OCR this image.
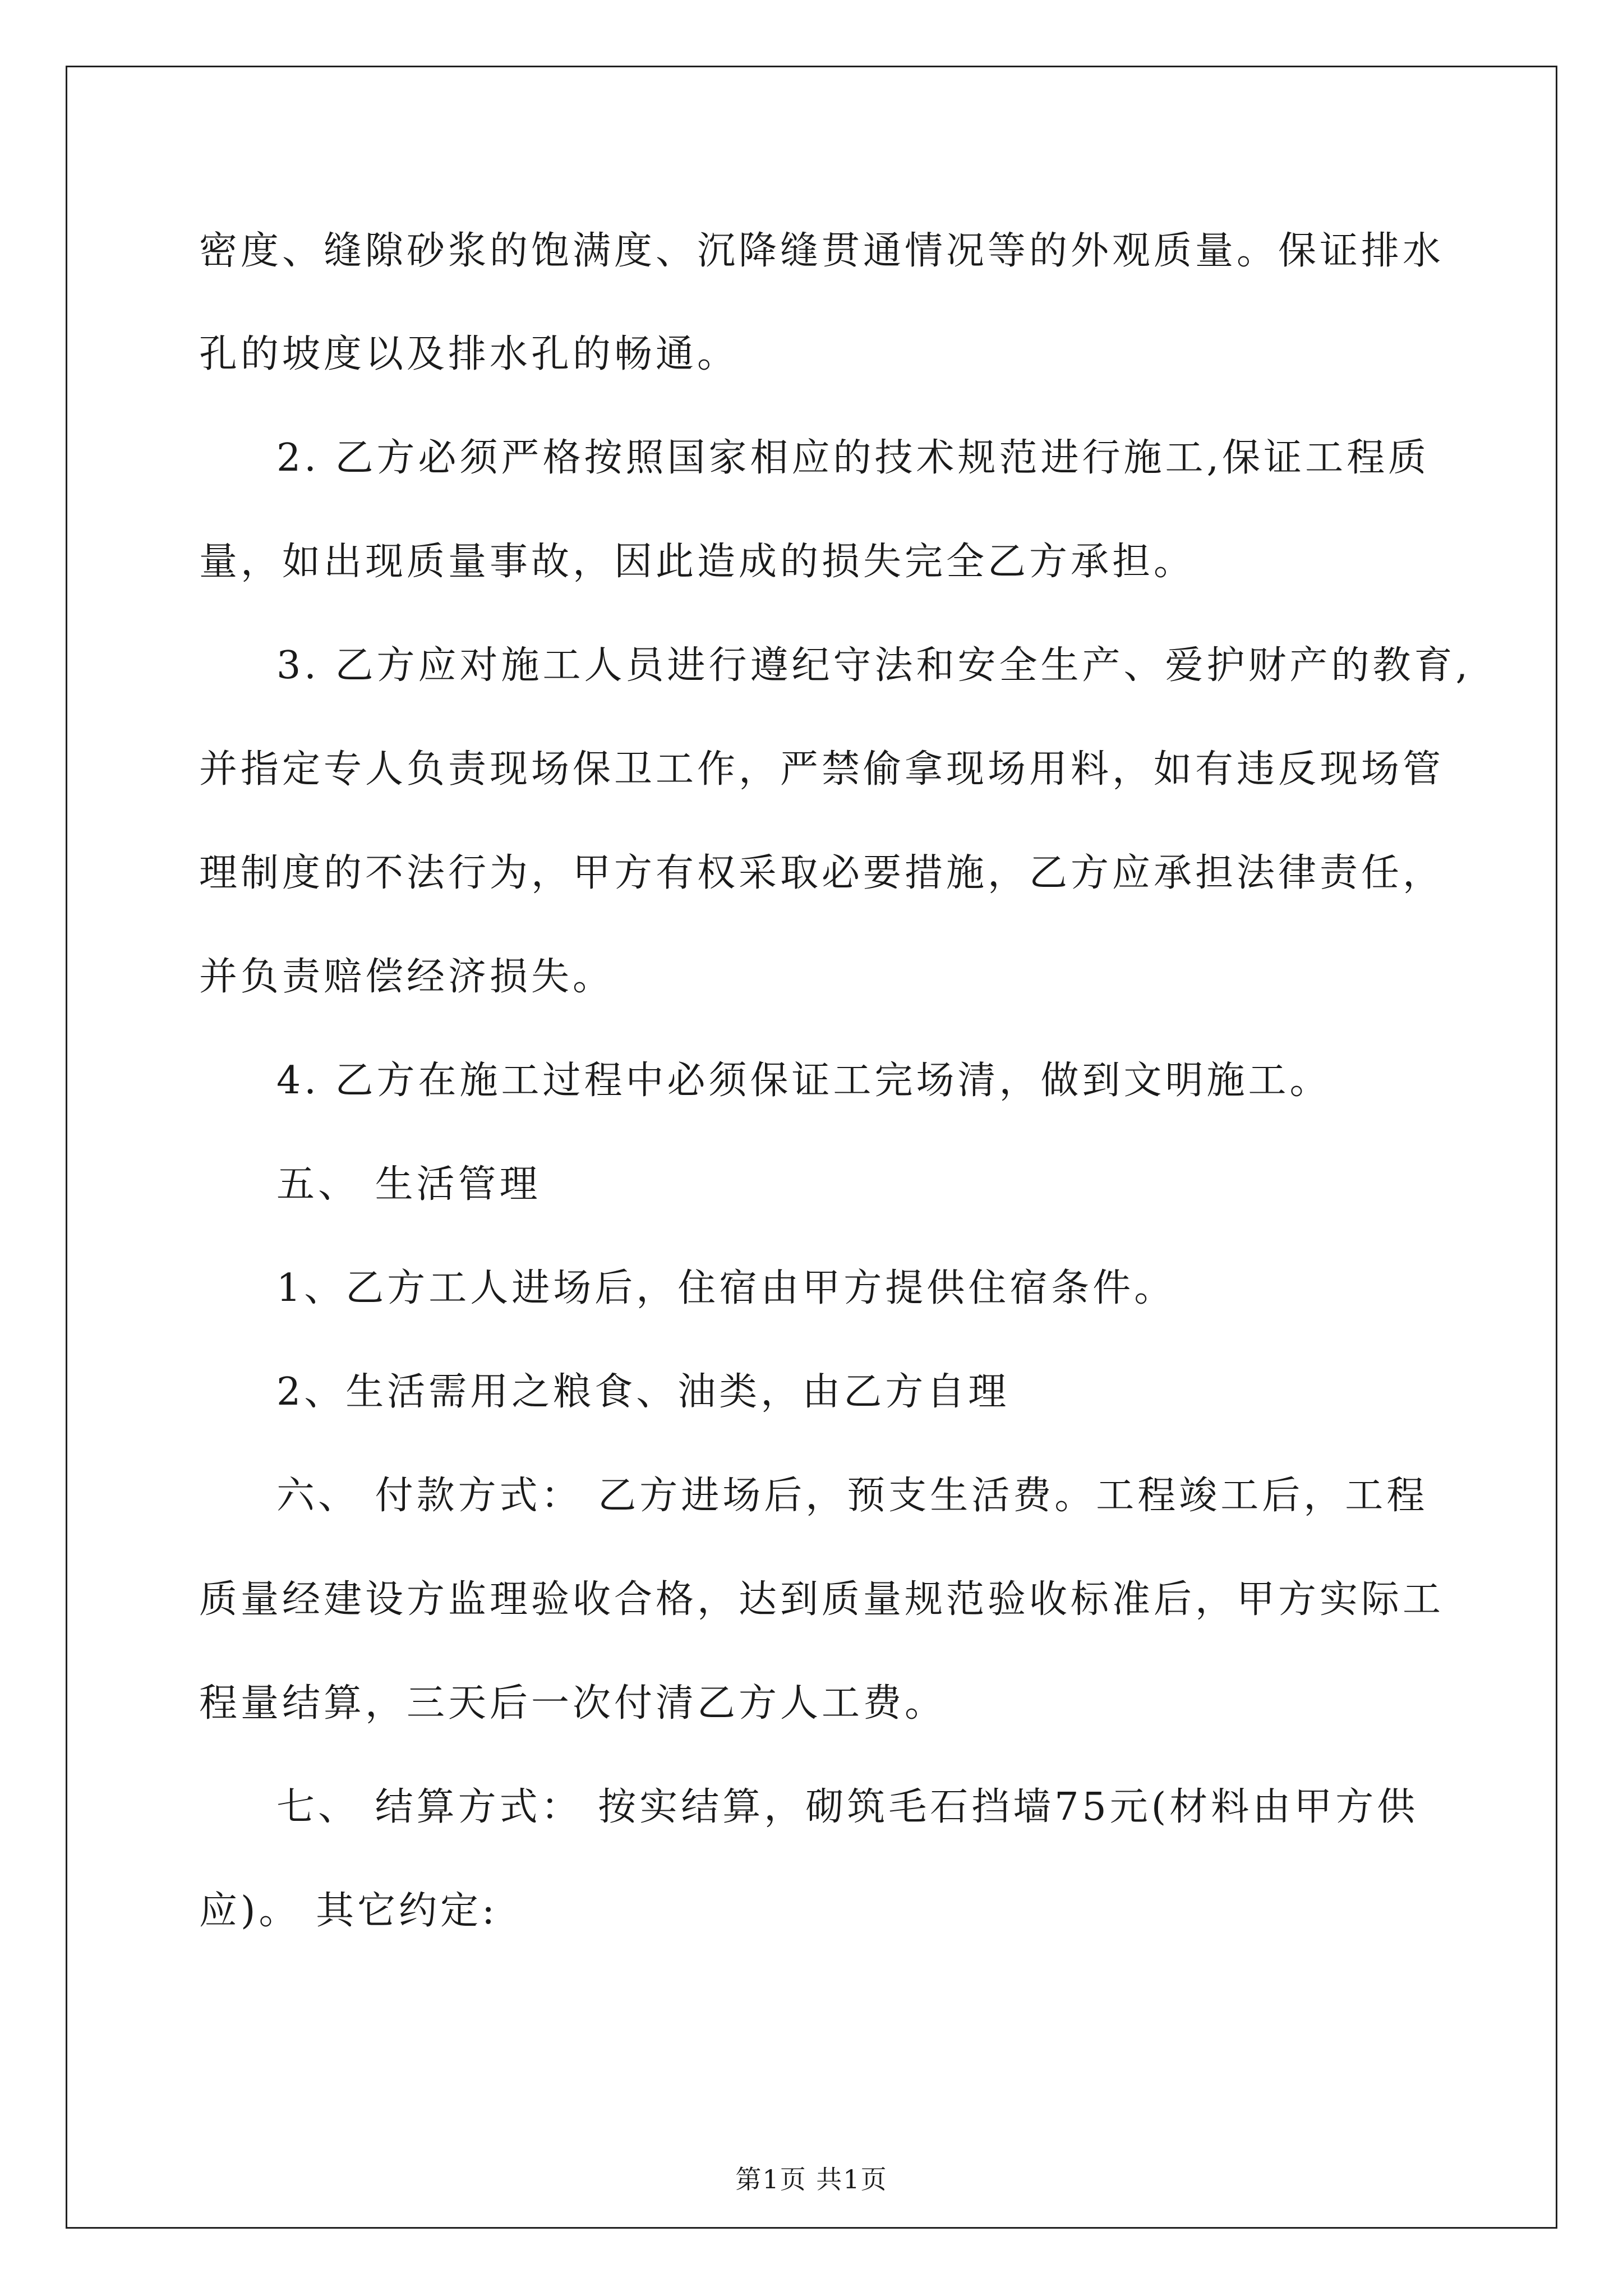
密度、缝隙砂浆的饱满度、沉降缝贯通情况等的外观质量。保证排水
孔的坡度以及排水孔的畅通。
2. 乙方必须严格按照国家相应的技术规范进行施工,保证工程质
量，如出现质量事故，因此造成的损失完全乙方承担。
3. 乙方应对施工人员进行遵纪守法和安全生产、爱护财产的教育,
并指定专人负责现场保卫工作，严禁偷拿现场用料，如有违反现场管
理制度的不法行为，甲方有权采取必要措施，乙方应承担法律责任，
并负责赔偿经济损失。
4. 乙方在施工过程中必须保证工完场清，做到文明施工。
五、 生活管理
1、乙方工人进场后，住宿由甲方提供住宿条件。
2、生活需用之粮食、油类，由乙方自理
六、 付款方式： 乙方进场后，预支生活费。工程竣工后，工程
质量经建设方监理验收合格，达到质量规范验收标准后，甲方实际工
程量结算，三天后一次付清乙方人工费。
七、 结算方式： 按实结算，砌筑毛石挡墙75元(材料由甲方供
应)。 其它约定:
第1页 共1页
